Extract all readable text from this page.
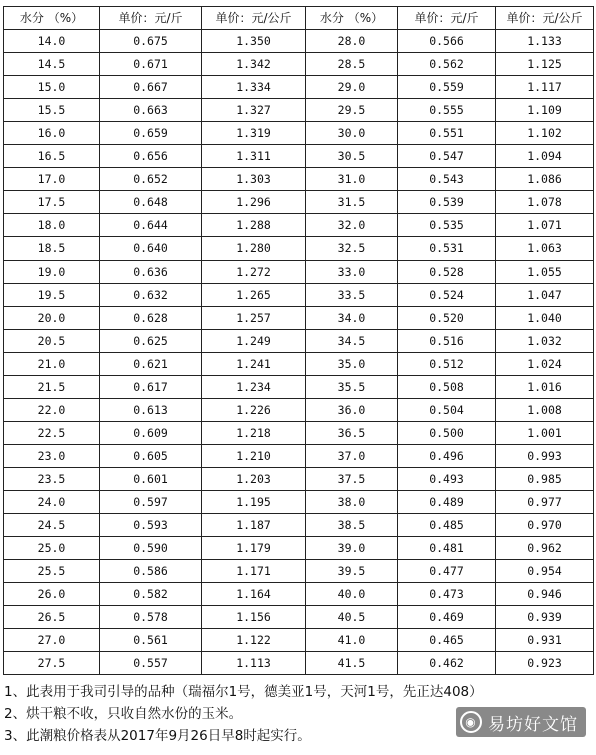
水分 （%）	单价：元/斤	单价：元/公斤	水分 （%）	单价：元/斤	单价：元/公斤
14.0	0.675	1.350	28.0	0.566	1.133
14.5	0.671	1.342	28.5	0.562	1.125
15.0	0.667	1.334	29.0	0.559	1.117
15.5	0.663	1.327	29.5	0.555	1.109
16.0	0.659	1.319	30.0	0.551	1.102
16.5	0.656	1.311	30.5	0.547	1.094
17.0	0.652	1.303	31.0	0.543	1.086
17.5	0.648	1.296	31.5	0.539	1.078
18.0	0.644	1.288	32.0	0.535	1.071
18.5	0.640	1.280	32.5	0.531	1.063
19.0	0.636	1.272	33.0	0.528	1.055
19.5	0.632	1.265	33.5	0.524	1.047
20.0	0.628	1.257	34.0	0.520	1.040
20.5	0.625	1.249	34.5	0.516	1.032
21.0	0.621	1.241	35.0	0.512	1.024
21.5	0.617	1.234	35.5	0.508	1.016
22.0	0.613	1.226	36.0	0.504	1.008
22.5	0.609	1.218	36.5	0.500	1.001
23.0	0.605	1.210	37.0	0.496	0.993
23.5	0.601	1.203	37.5	0.493	0.985
24.0	0.597	1.195	38.0	0.489	0.977
24.5	0.593	1.187	38.5	0.485	0.970
25.0	0.590	1.179	39.0	0.481	0.962
25.5	0.586	1.171	39.5	0.477	0.954
26.0	0.582	1.164	40.0	0.473	0.946
26.5	0.578	1.156	40.5	0.469	0.939
27.0	0.561	1.122	41.0	0.465	0.931
27.5	0.557	1.113	41.5	0.462	0.923
1、此表用于我司引导的品种（瑞福尔1号，德美亚1号，天河1号，先正达408）
2、烘干粮不收，只收自然水份的玉米。
3、此潮粮价格表从2017年9月26日早8时起实行。
◉ 易坊好文馆
